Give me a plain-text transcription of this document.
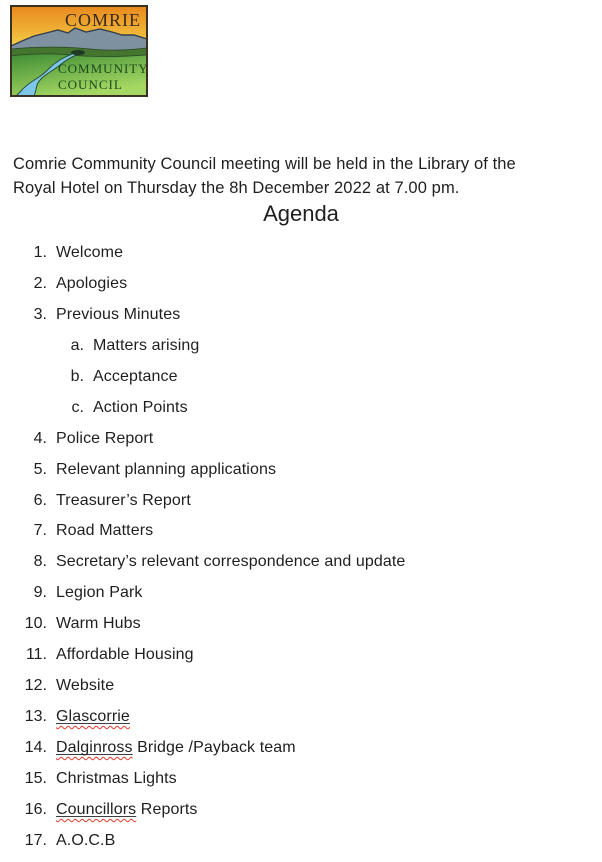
COMRIE
COMMUNITY
COUNCIL

Comrie Community Council meeting will be held in the Library of the
Royal Hotel on Thursday the 8h December 2022 at 7.00 pm.

Agenda
1. Welcome
2. Apologies
3. Previous Minutes
a. Matters arising
b. Acceptance
c. Action Points
4. Police Report
5. Relevant planning applications
6. Treasurer’s Report
7. Road Matters
8. Secretary’s relevant correspondence and update
9. Legion Park
10. Warm Hubs
11. Affordable Housing
12. Website
13. Glascorrie
14. Dalginross Bridge /Payback team
15. Christmas Lights
16. Councillors Reports
17. A.O.C.B
